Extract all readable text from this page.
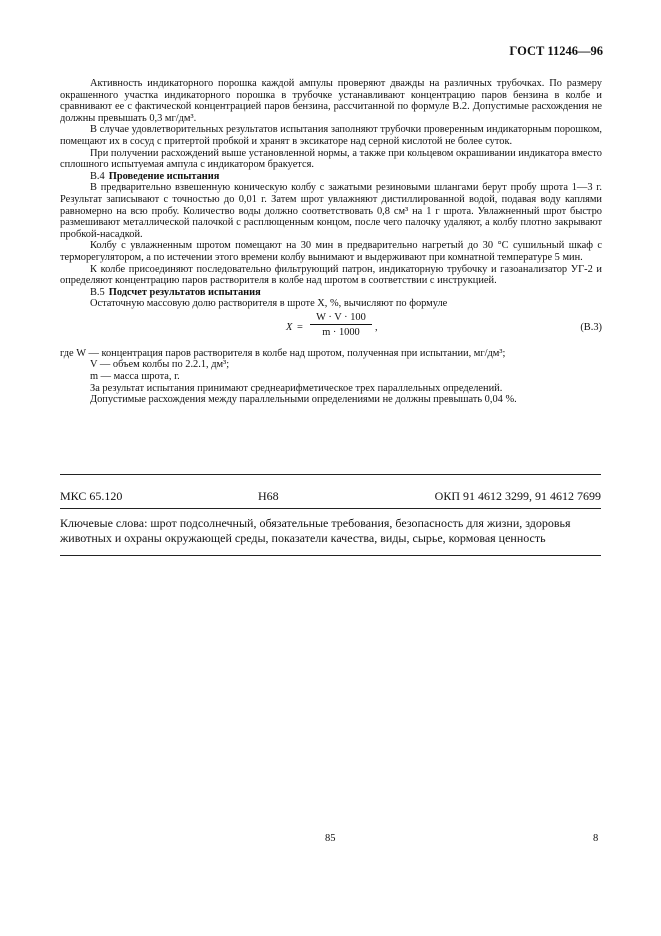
ГОСТ 11246—96

Активность индикаторного порошка каждой ампулы проверяют дважды на различных трубочках. По размеру окрашенного участка индикаторного порошка в трубочке устанавливают концентрацию паров бензина в колбе и сравнивают ее с фактической концентрацией паров бензина, рассчитанной по формуле В.2. Допустимые расхождения не должны превышать 0,3 мг/дм³.

В случае удовлетворительных результатов испытания заполняют трубочки проверенным индикаторным порошком, помещают их в сосуд с притертой пробкой и хранят в эксикаторе над серной кислотой не более суток.

При получении расхождений выше установленной нормы, а также при кольцевом окрашивании индикатора вместо сплошного испытуемая ампула с индикатором бракуется.

В.4 Проведение испытания

В предварительно взвешенную коническую колбу с зажатыми резиновыми шлангами берут пробу шрота 1—3 г. Результат записывают с точностью до 0,01 г. Затем шрот увлажняют дистиллированной водой, подавая воду каплями равномерно на всю пробу. Количество воды должно соответствовать 0,8 см³ на 1 г шрота. Увлажненный шрот быстро размешивают металлической палочкой с расплющенным концом, после чего палочку удаляют, а колбу плотно закрывают пробкой-насадкой.

Колбу с увлажненным шротом помещают на 30 мин в предварительно нагретый до 30 °С сушильный шкаф с терморегулятором, а по истечении этого времени колбу вынимают и выдерживают при комнатной температуре 5 мин.

К колбе присоединяют последовательно фильтрующий патрон, индикаторную трубочку и газоанализатор УГ-2 и определяют концентрацию паров растворителя в колбе над шротом в соответствии с инструкцией.

В.5 Подсчет результатов испытания

Остаточную массовую долю растворителя в шроте X, %, вычисляют по формуле

$X = \frac{W \cdot V \cdot 100}{m \cdot 1000}$ ,	(В.3)

где W — концентрация паров растворителя в колбе над шротом, полученная при испытании, мг/дм³;

V — объем колбы по 2.2.1, дм³;
m — масса шрота, г.

За результат испытания принимают среднеарифметическое трех параллельных определений.

Допустимые расхождения между параллельными определениями не должны превышать 0,04 %.

МКС 65.120	Н68	ОКП 91 4612 3299, 91 4612 7699
Ключевые слова: шрот подсолнечный, обязательные требования, безопасность для жизни, здоровья животных и охраны окружающей среды, показатели качества, виды, сырье, кормовая ценность
85	8
